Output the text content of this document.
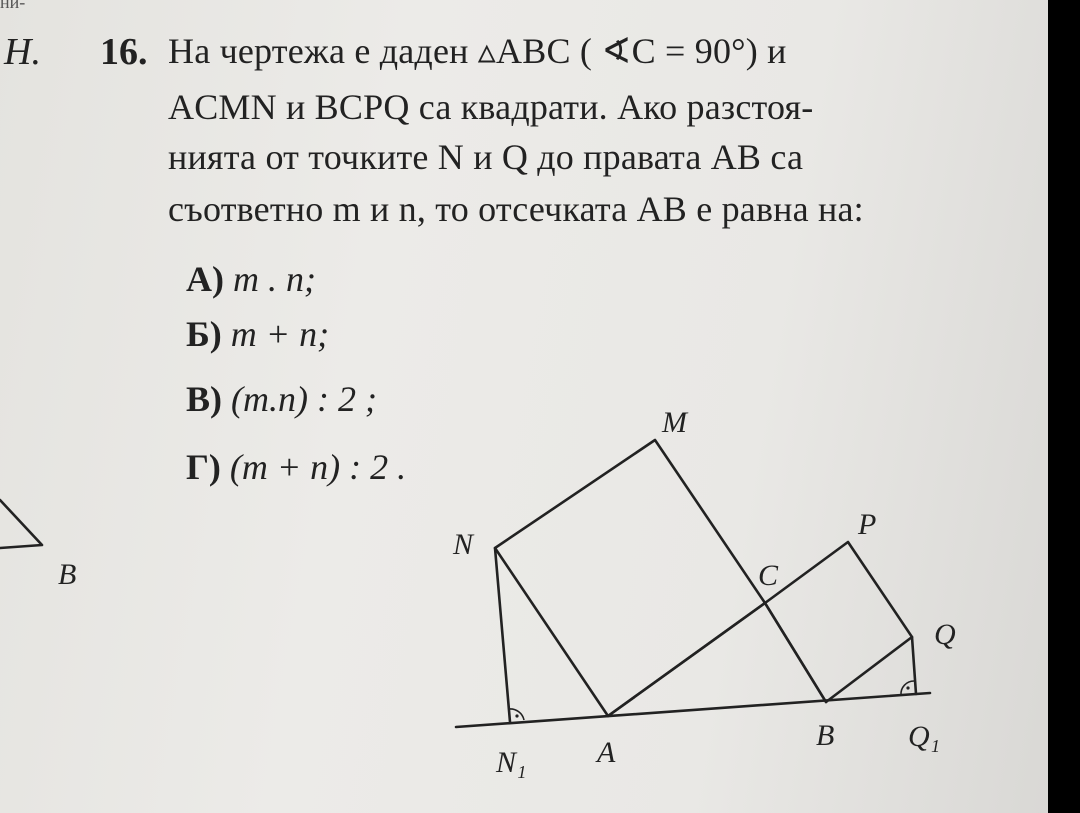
ни-
Н. 16. На чертежа е даден ▵ABC ( ∢C = 90°) и
ACMN и BCPQ са квадрати. Ако разстоя-
нията от точките N и Q до правата AB са
съответно m и n, то отсечката AB е равна на:
А) m . n;
Б) m + n;
В) (m.n) : 2 ;
Г) (m + n) : 2 .
B
M
N
P
C
Q
N₁ A
B Q₁
